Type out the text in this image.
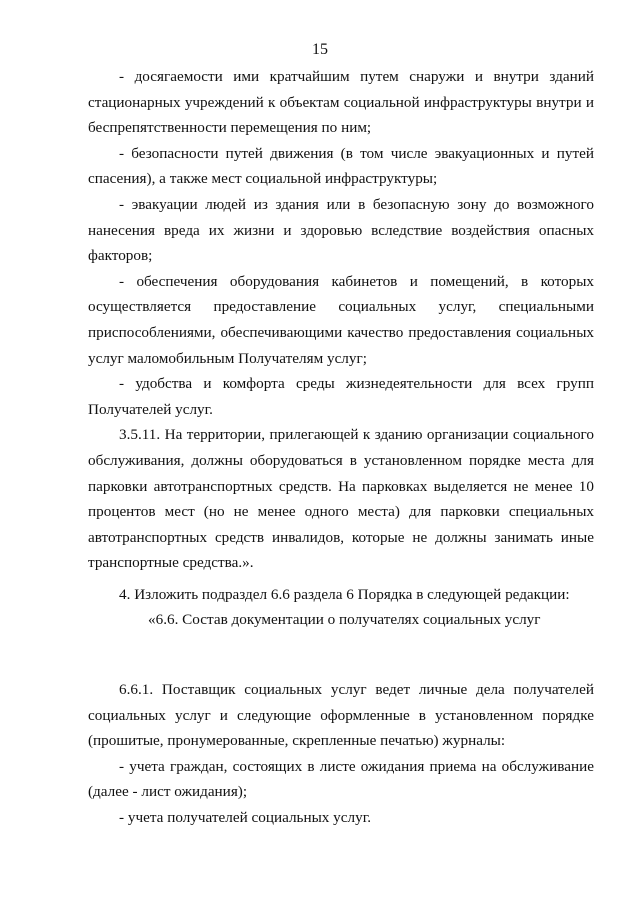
15

- досягаемости ими кратчайшим путем снаружи и внутри зданий стационарных учреждений к объектам социальной инфраструктуры внутри и беспрепятственности перемещения по ним;

- безопасности путей движения (в том числе эвакуационных и путей спасения), а также мест социальной инфраструктуры;

- эвакуации людей из здания или в безопасную зону до возможного нанесения вреда их жизни и здоровью вследствие воздействия опасных факторов;

- обеспечения оборудования кабинетов и помещений, в которых осуществляется предоставление социальных услуг, специальными приспособлениями, обеспечивающими качество предоставления социальных услуг маломобильным Получателям услуг;

- удобства и комфорта среды жизнедеятельности для всех групп Получателей услуг.

3.5.11. На территории, прилегающей к зданию организации социального обслуживания, должны оборудоваться в установленном порядке места для парковки автотранспортных средств. На парковках выделяется не менее 10 процентов мест (но не менее одного места) для парковки специальных автотранспортных средств инвалидов, которые не должны занимать иные транспортные средства.».

4. Изложить подраздел 6.6 раздела 6 Порядка в следующей редакции:

«6.6. Состав документации о получателях социальных услуг

6.6.1. Поставщик социальных услуг ведет личные дела получателей социальных услуг и следующие оформленные в установленном порядке (прошитые, пронумерованные, скрепленные печатью) журналы:

- учета граждан, состоящих в листе ожидания приема на обслуживание (далее - лист ожидания);

- учета получателей социальных услуг.
